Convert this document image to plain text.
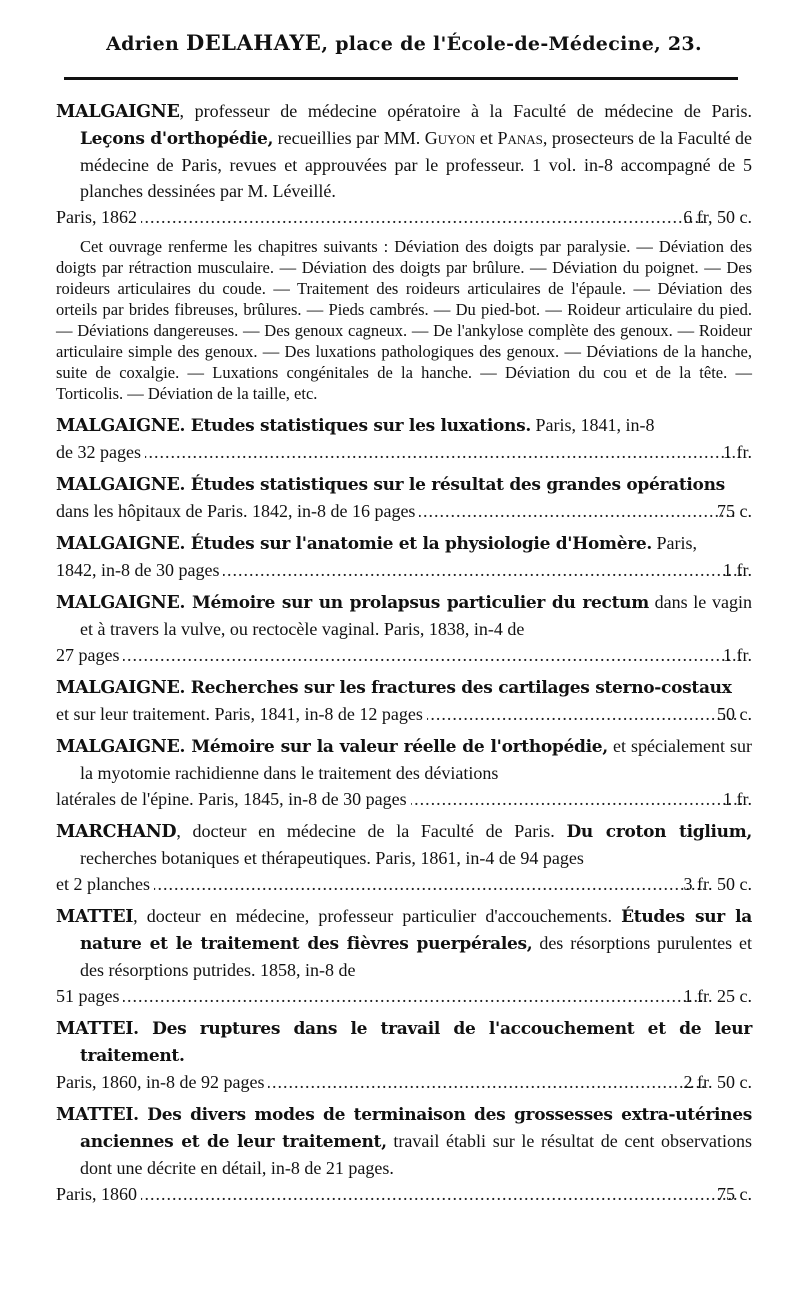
Adrien DELAHAYE, place de l'École-de-Médecine, 23.
MALGAIGNE, professeur de médecine opératoire à la Faculté de médecine de Paris. Leçons d'orthopédie, recueillies par MM. Guyon et Panas, prosecteurs de la Faculté de médecine de Paris, revues et approuvées par le professeur. 1 vol. in-8 accompagné de 5 planches dessinées par M. Léveillé.
Paris, 1862 .....	6 fr, 50 c.
Cet ouvrage renferme les chapitres suivants : Déviation des doigts par paralysie. — Déviation des doigts par rétraction musculaire. — Déviation des doigts par brûlure. — Déviation du poignet. — Des roideurs articulaires du coude. — Traitement des roideurs articulaires de l'épaule. — Déviation des orteils par brides fibreuses, brûlures. — Pieds cambrés. — Du pied-bot. — Roideur articulaire du pied. — Déviations dangereuses. — Des genoux cagneux. — De l'ankylose complète des genoux. — Roideur articulaire simple des genoux. — Des luxations pathologiques des genoux. — Déviations de la hanche, suite de coxalgie. — Luxations congénitales de la hanche. — Déviation du cou et de la tête. — Torticolis. — Déviation de la taille, etc.
MALGAIGNE. Etudes statistiques sur les luxations. Paris, 1841, in-8
de 32 pages .....	1 fr.
MALGAIGNE. Études statistiques sur le résultat des grandes opérations
dans les hôpitaux de Paris. 1842, in-8 de 16 pages .....	75 c.
MALGAIGNE. Études sur l'anatomie et la physiologie d'Homère. Paris,
1842, in-8 de 30 pages .....	1 fr.
MALGAIGNE. Mémoire sur un prolapsus particulier du rectum dans le vagin et à travers la vulve, ou rectocèle vaginal. Paris, 1838, in-4 de
27 pages .....	1 fr.
MALGAIGNE. Recherches sur les fractures des cartilages sterno-costaux
et sur leur traitement. Paris, 1841, in-8 de 12 pages .....	50 c.
MALGAIGNE. Mémoire sur la valeur réelle de l'orthopédie, et spécialement sur la myotomie rachidienne dans le traitement des déviations
latérales de l'épine. Paris, 1845, in-8 de 30 pages .....	1 fr.
MARCHAND, docteur en médecine de la Faculté de Paris. Du croton tiglium, recherches botaniques et thérapeutiques. Paris, 1861, in-4 de 94 pages
et 2 planches .....	3 fr. 50 c.
MATTEI, docteur en médecine, professeur particulier d'accouchements. Études sur la nature et le traitement des fièvres puerpérales, des résorptions purulentes et des résorptions putrides. 1858, in-8 de
51 pages .....	1 fr. 25 c.
MATTEI. Des ruptures dans le travail de l'accouchement et de leur traitement.
Paris, 1860, in-8 de 92 pages .....	2 fr. 50 c.
MATTEI. Des divers modes de terminaison des grossesses extra-utérines anciennes et de leur traitement, travail établi sur le résultat de cent observations dont une décrite en détail, in-8 de 21 pages.
Paris, 1860 .....	75 c.
